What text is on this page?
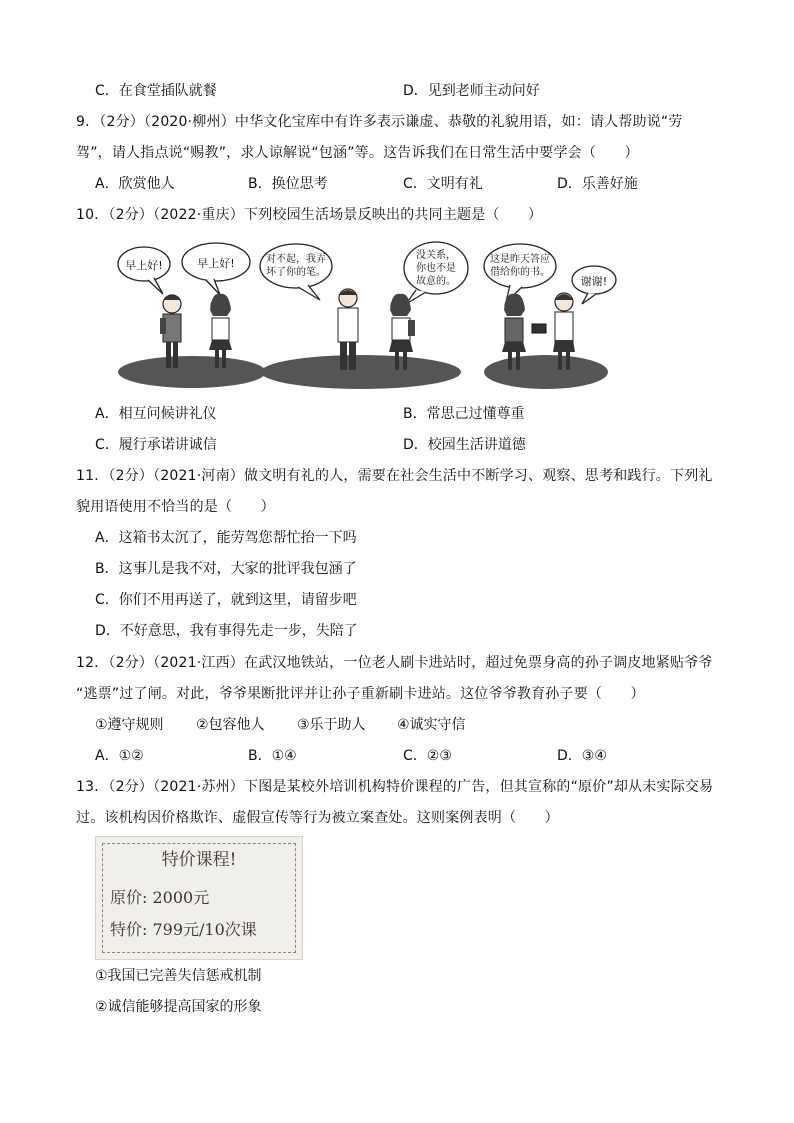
C．在食堂插队就餐	D．见到老师主动问好
9．（2分）（2020·柳州）中华文化宝库中有许多表示谦虚、恭敬的礼貌用语，如：请人帮助说“劳
驾”，请人指点说“赐教”，求人谅解说“包涵”等。这告诉我们在日常生活中要学会（　　）
A．欣赏他人	B．换位思考	C．文明有礼	D．乐善好施
10．（2分）（2022·重庆）下列校园生活场景反映出的共同主题是（　　）
早上好!	早上好!	对不起，我弄
坏了你的笔。
没关系，
你也不是
故意的。
这是昨天答应
借给你的书。
谢谢!
A．相互问候讲礼仪	B．常思己过懂尊重
C．履行承诺讲诚信	D．校园生活讲道德
11．（2分）（2021·河南）做文明有礼的人，需要在社会生活中不断学习、观察、思考和践行。下列礼
貌用语使用不恰当的是（　　）
A．这箱书太沉了，能劳驾您帮忙抬一下吗
B．这事儿是我不对，大家的批评我包涵了
C．你们不用再送了，就到这里，请留步吧
D．不好意思，我有事得先走一步，失陪了
12．（2分）（2021·江西）在武汉地铁站，一位老人刷卡进站时，超过免票身高的孙子调皮地紧贴爷爷
“逃票”过了闸。对此，爷爷果断批评并让孙子重新刷卡进站。这位爷爷教育孙子要（　　）
①遵守规则 ②包容他人 ③乐于助人 ④诚实守信
A．①②	B．①④	C．②③	D．③④
13．（2分）（2021·苏州）下图是某校外培训机构特价课程的广告，但其宣称的“原价”却从未实际交易
过。该机构因价格欺诈、虚假宣传等行为被立案查处。这则案例表明（　　）
特价课程!
原价: 2000元
特价: 799元/10次课
①我国已完善失信惩戒机制
②诚信能够提高国家的形象
